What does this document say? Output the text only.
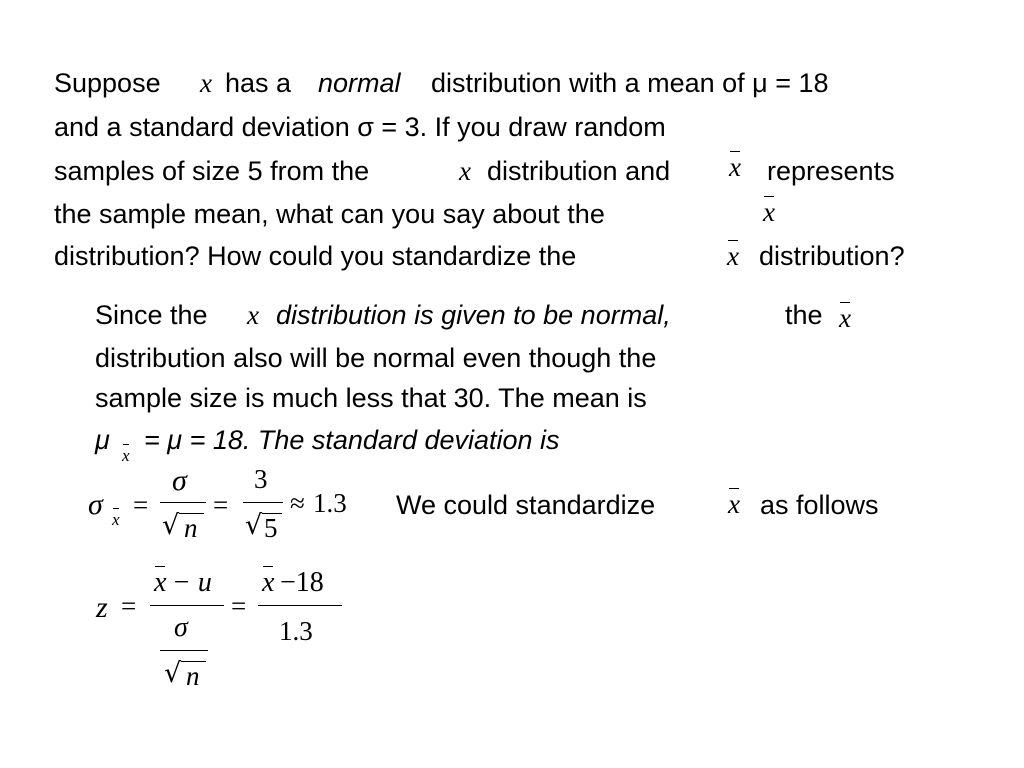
Suppose x has a normal distribution with a mean of μ = 18
and a standard deviation σ = 3. If you draw random
samples of size 5 from the	x distribution and x represents
the sample mean, what can you say about the	x
distribution? How could you standardize the	x distribution?
Since the x distribution is given to be normal,	the x
distribution also will be normal even though the
sample size is much less that 30. The mean is
μ
x
= μ = 18. The standard deviation is
σ x =
σ
√ n
=
3
√ 5
≈ 1.3 We could standardize	x as follows
z =
x − u
σ
√ n
=
x −18
1.3
